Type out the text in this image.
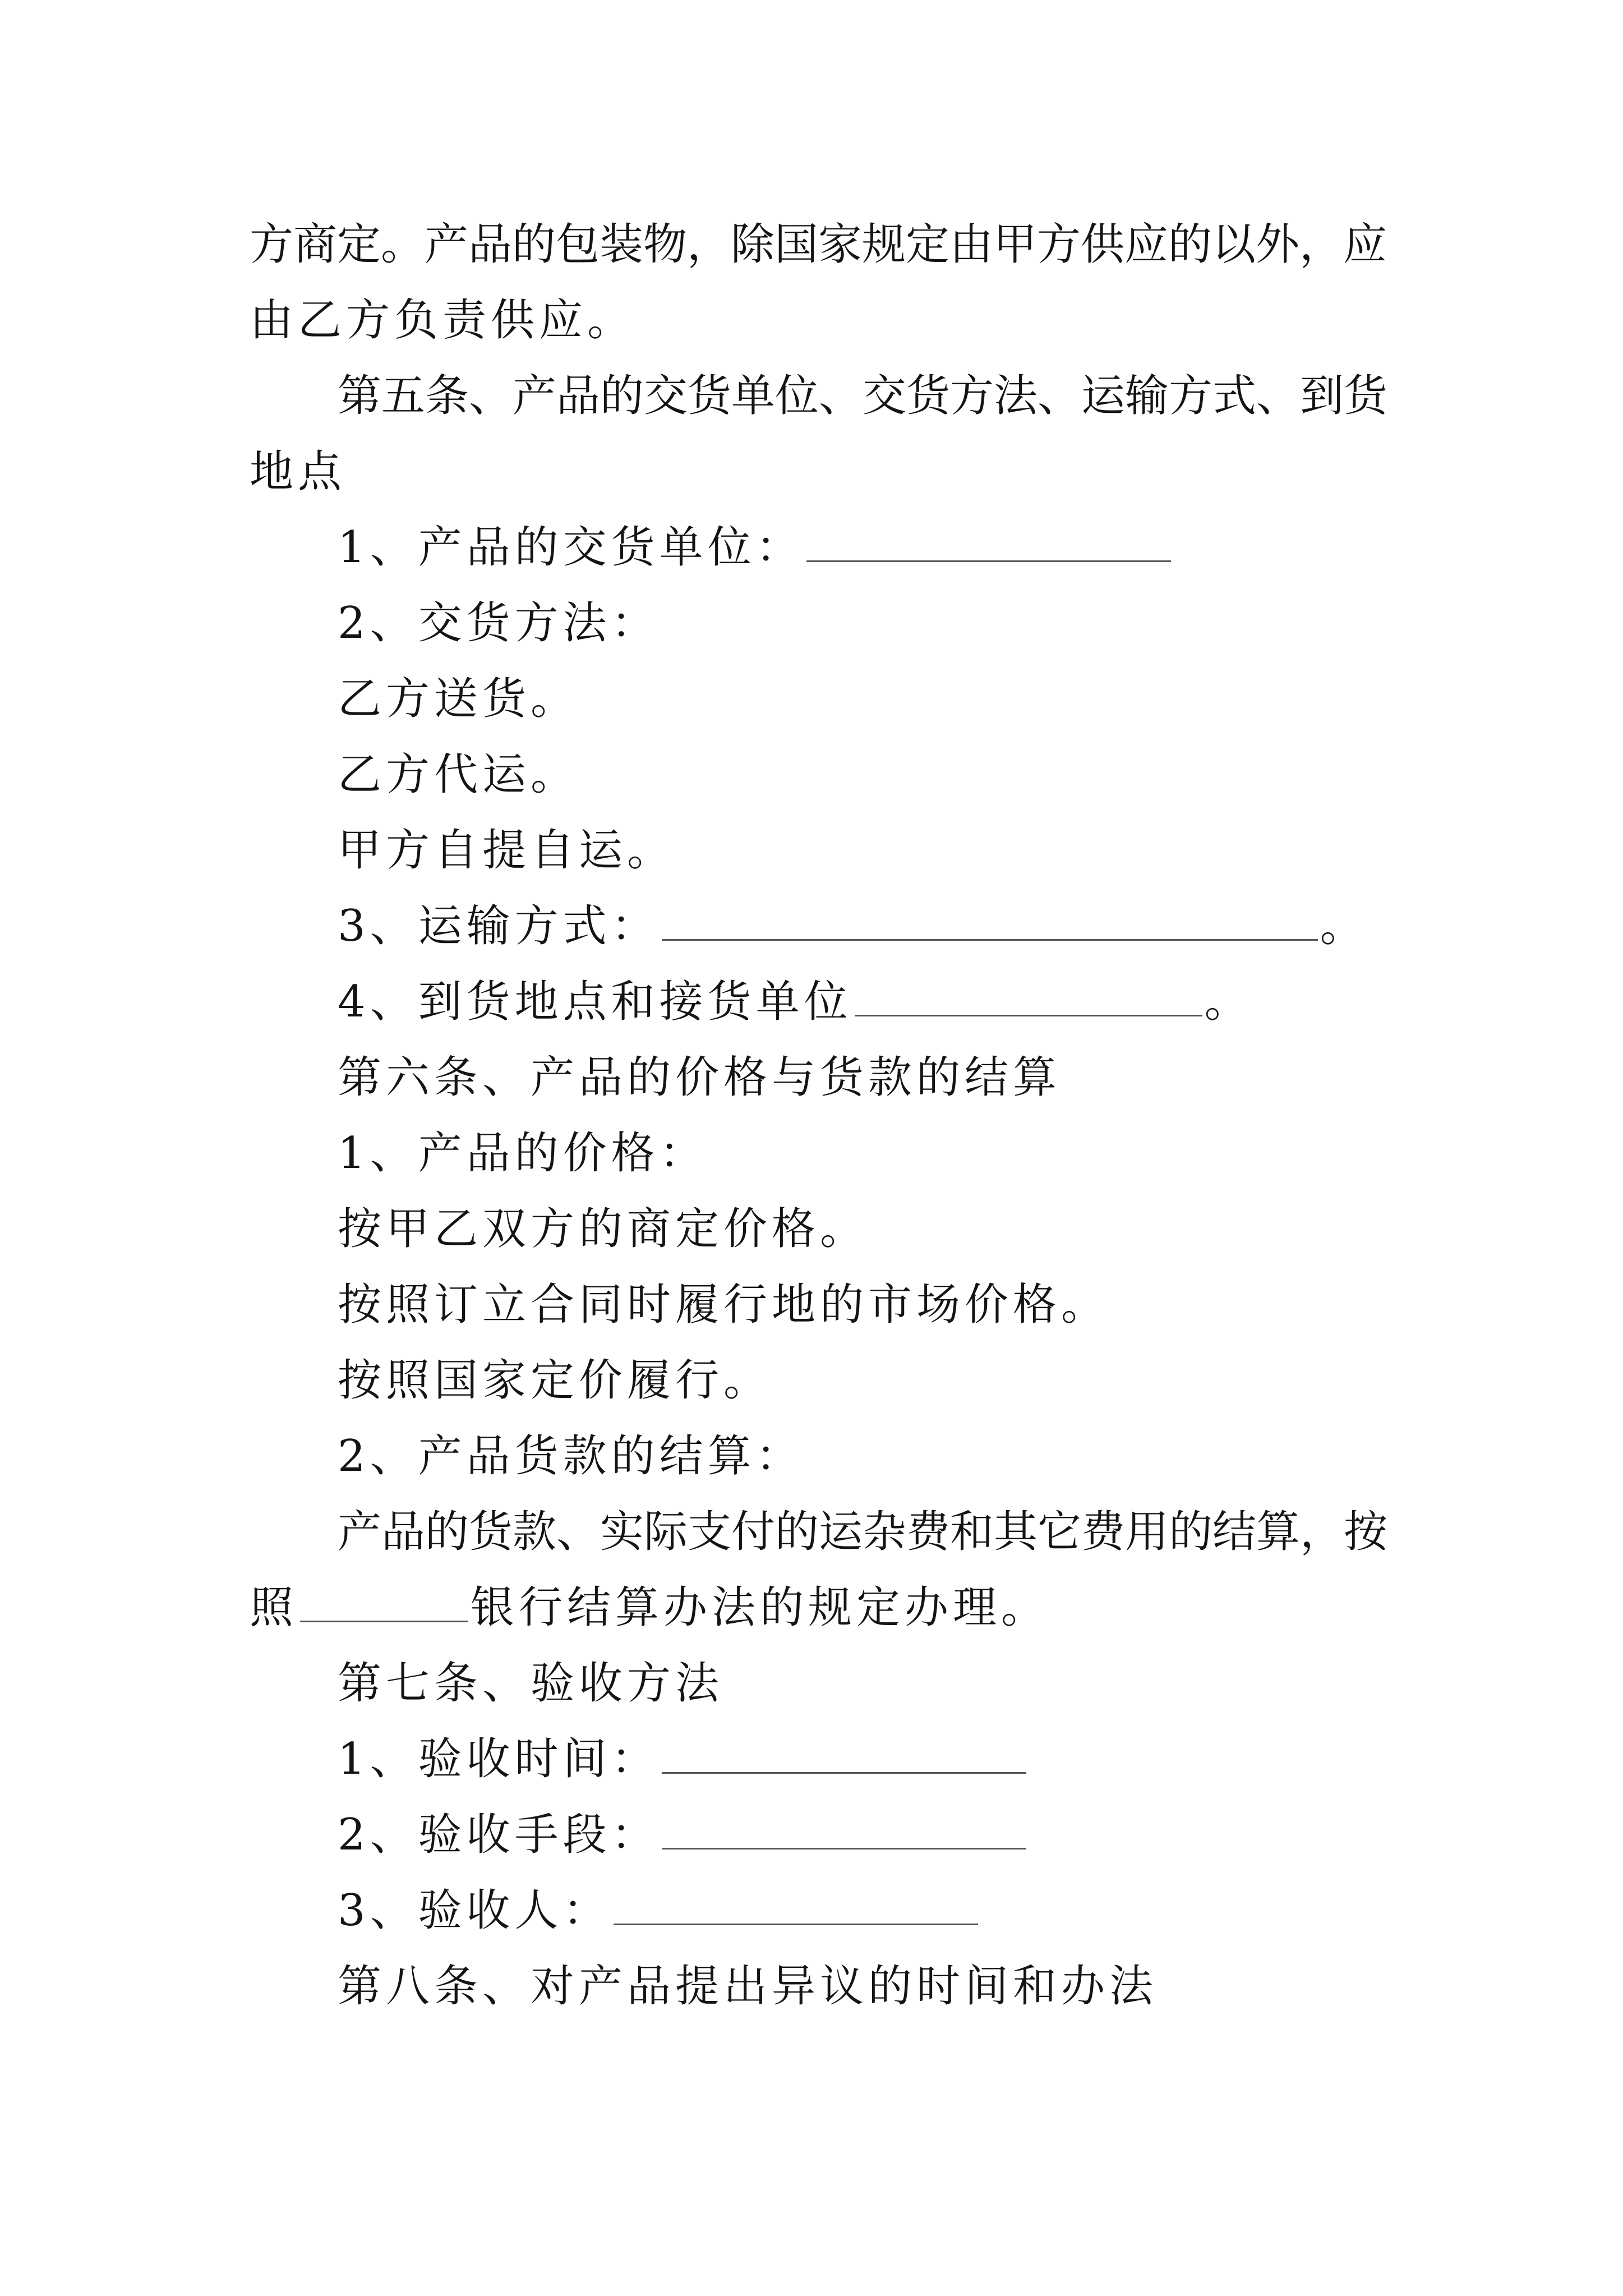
方商定。产品的包装物，除国家规定由甲方供应的以外，应
由乙方负责供应。
第五条、产品的交货单位、交货方法、运输方式、到货
地点
1、产品的交货单位：
2、交货方法：
乙方送货。
乙方代运。
甲方自提自运。
3、运输方式：	。
4、到货地点和接货单位	。
第六条、产品的价格与货款的结算
1、产品的价格：
按甲乙双方的商定价格。
按照订立合同时履行地的市场价格。
按照国家定价履行。
2、产品货款的结算：
产品的货款、实际支付的运杂费和其它费用的结算，按
照	银行结算办法的规定办理。
第七条、验收方法
1、验收时间：
2、验收手段：
3、验收人：
第八条、对产品提出异议的时间和办法
